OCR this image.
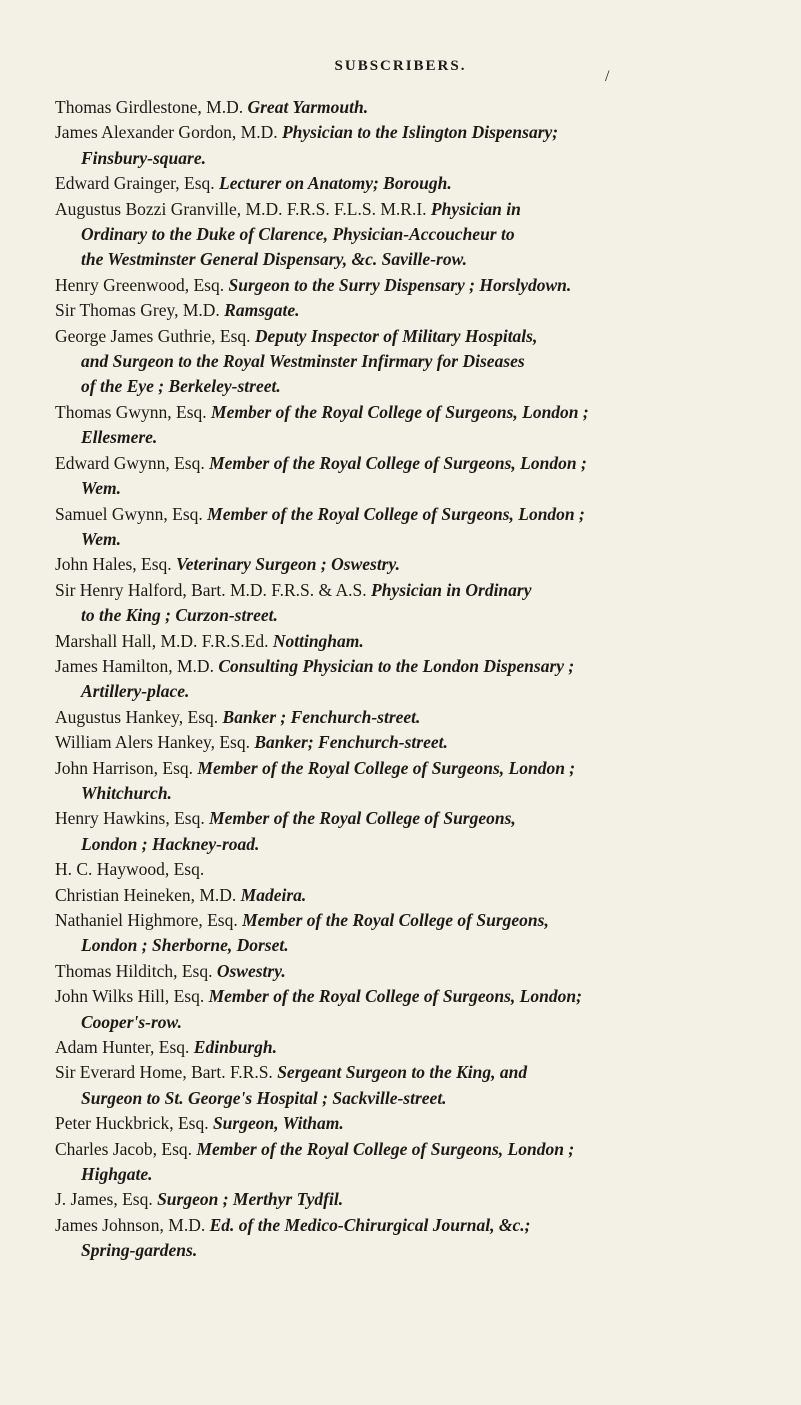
SUBSCRIBERS.
/
Thomas Girdlestone, M.D. Great Yarmouth.
James Alexander Gordon, M.D. Physician to the Islington Dispensary;
Finsbury-square.
Edward Grainger, Esq. Lecturer on Anatomy; Borough.
Augustus Bozzi Granville, M.D. F.R.S. F.L.S. M.R.I. Physician in
Ordinary to the Duke of Clarence, Physician-Accoucheur to
the Westminster General Dispensary, &c. Saville-row.
Henry Greenwood, Esq. Surgeon to the Surry Dispensary ; Horslydown.
Sir Thomas Grey, M.D. Ramsgate.
George James Guthrie, Esq. Deputy Inspector of Military Hospitals,
and Surgeon to the Royal Westminster Infirmary for Diseases
of the Eye ; Berkeley-street.
Thomas Gwynn, Esq. Member of the Royal College of Surgeons, London ;
Ellesmere.
Edward Gwynn, Esq. Member of the Royal College of Surgeons, London ;
Wem.
Samuel Gwynn, Esq. Member of the Royal College of Surgeons, London ;
Wem.
John Hales, Esq. Veterinary Surgeon ; Oswestry.
Sir Henry Halford, Bart. M.D. F.R.S. & A.S. Physician in Ordinary
to the King ; Curzon-street.
Marshall Hall, M.D. F.R.S.Ed. Nottingham.
James Hamilton, M.D. Consulting Physician to the London Dispensary ;
Artillery-place.
Augustus Hankey, Esq. Banker ; Fenchurch-street.
William Alers Hankey, Esq. Banker; Fenchurch-street.
John Harrison, Esq. Member of the Royal College of Surgeons, London ;
Whitchurch.
Henry Hawkins, Esq. Member of the Royal College of Surgeons,
London ; Hackney-road.
H. C. Haywood, Esq.
Christian Heineken, M.D. Madeira.
Nathaniel Highmore, Esq. Member of the Royal College of Surgeons,
London ; Sherborne, Dorset.
Thomas Hilditch, Esq. Oswestry.
John Wilks Hill, Esq. Member of the Royal College of Surgeons, London;
Cooper's-row.
Adam Hunter, Esq. Edinburgh.
Sir Everard Home, Bart. F.R.S. Sergeant Surgeon to the King, and
Surgeon to St. George's Hospital ; Sackville-street.
Peter Huckbrick, Esq. Surgeon, Witham.
Charles Jacob, Esq. Member of the Royal College of Surgeons, London ;
Highgate.
J. James, Esq. Surgeon ; Merthyr Tydfil.
James Johnson, M.D. Ed. of the Medico-Chirurgical Journal, &c.;
Spring-gardens.
